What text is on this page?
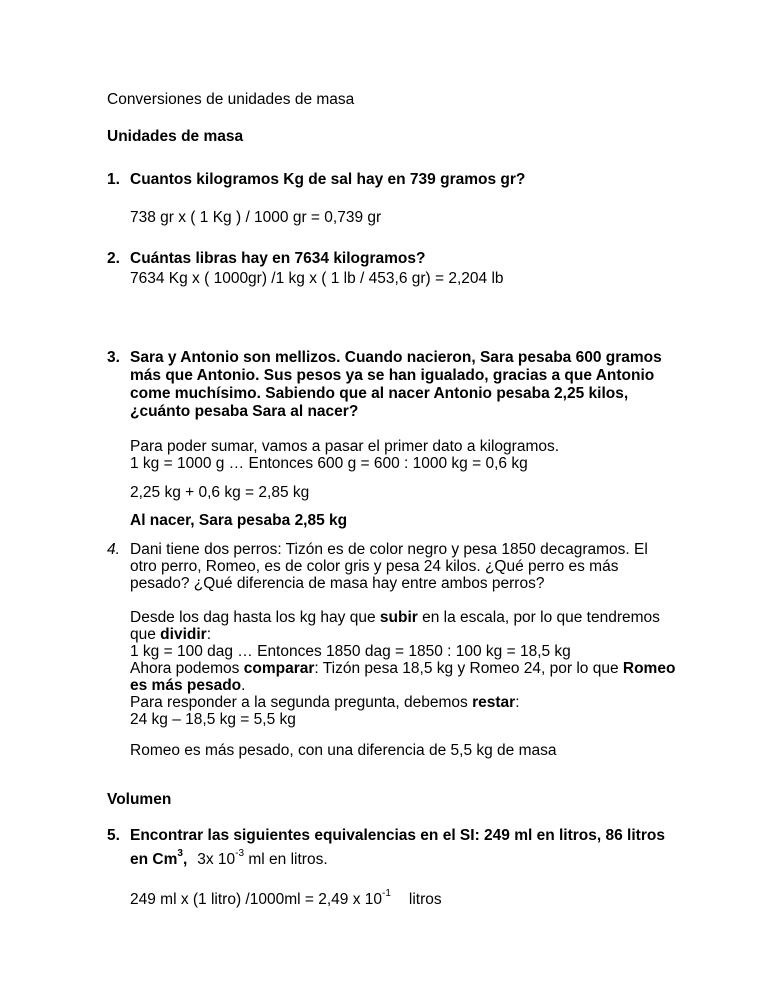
Conversiones de unidades de masa
Unidades de masa
1. Cuantos kilogramos Kg de sal hay en 739 gramos gr?
738 gr x ( 1 Kg ) / 1000 gr = 0,739 gr
2. Cuántas libras hay en 7634 kilogramos?
7634 Kg x ( 1000gr) /1 kg x ( 1 lb / 453,6 gr) = 2,204 lb
3. Sara y Antonio son mellizos. Cuando nacieron, Sara pesaba 600 gramos
más que Antonio. Sus pesos ya se han igualado, gracias a que Antonio
come muchísimo. Sabiendo que al nacer Antonio pesaba 2,25 kilos,
¿cuánto pesaba Sara al nacer?
Para poder sumar, vamos a pasar el primer dato a kilogramos.
1 kg = 1000 g … Entonces 600 g = 600 : 1000 kg = 0,6 kg
2,25 kg + 0,6 kg = 2,85 kg
Al nacer, Sara pesaba 2,85 kg
4. Dani tiene dos perros: Tizón es de color negro y pesa 1850 decagramos. El
otro perro, Romeo, es de color gris y pesa 24 kilos. ¿Qué perro es más
pesado? ¿Qué diferencia de masa hay entre ambos perros?
Desde los dag hasta los kg hay que subir en la escala, por lo que tendremos
que dividir:
1 kg = 100 dag … Entonces 1850 dag = 1850 : 100 kg = 18,5 kg
Ahora podemos comparar: Tizón pesa 18,5 kg y Romeo 24, por lo que Romeo
es más pesado.
Para responder a la segunda pregunta, debemos restar:
24 kg – 18,5 kg = 5,5 kg
Romeo es más pesado, con una diferencia de 5,5 kg de masa
Volumen
5. Encontrar las siguientes equivalencias en el SI: 249 ml en litros, 86 litros
en Cm$^3$, 3x $10^{-3}$ ml en litros.
249 ml x (1 litro) /1000ml = 2,49 x $10^{-1}$ litros
